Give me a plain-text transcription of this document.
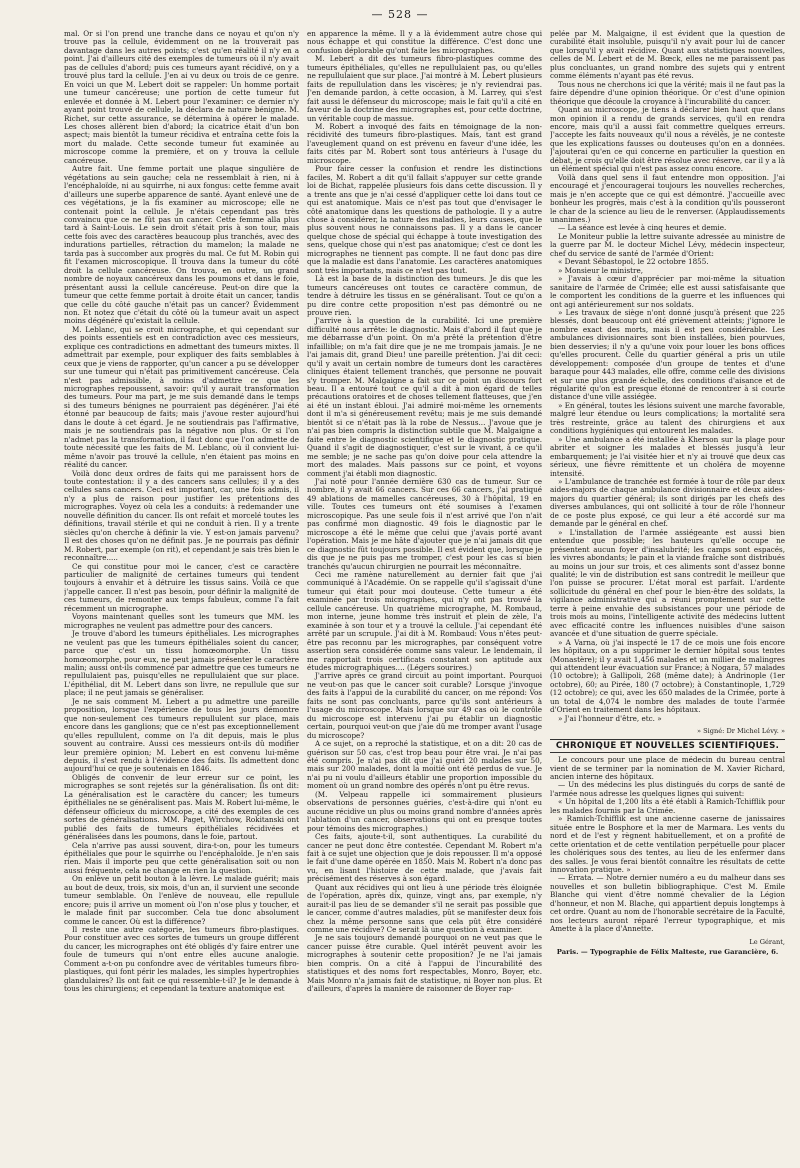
— 528 —

mal. Or si l'on prend une tranche dans ce noyau et qu'on n'y trouve pas la cellule, évidemment on ne la trouverait pas davantage dans les autres points; c'est qu'en réalité il n'y en a point. J'ai d'ailleurs cité des exemples de tumeurs où il n'y avait pas de cellules d'abord; puis ces tumeurs ayant récidivé, on y a trouvé plus tard la cellule. J'en ai vu deux ou trois de ce genre. En voici un que M. Lebert doit se rappeler: Un homme portait une tumeur cancéreuse; une portion de cette tumeur fut enlevée et donnée à M. Lebert pour l'examiner: ce dernier n'y ayant point trouvé de cellule, la déclara de nature bénigne. M. Richet, sur cette assurance, se détermina à opérer le malade. Les choses allèrent bien d'abord; la cicatrice était d'un bon aspect; mais bientôt la tumeur récidiva et entraîna cette fois la mort du malade. Cette seconde tumeur fut examinée au microscope comme la première, et on y trouva la cellule cancéreuse.

Autre fait. Une femme portait une plaque singulière de végétations au sein gauche; cela ne ressemblait à rien, ni à l'encéphaloïde, ni au squirrhe, ni aux fongus: cette femme avait d'ailleurs une superbe apparence de santé. Ayant enlevé une de ces végétations, je la fis examiner au microscope; elle ne contenait point la cellule. Je n'étais cependant pas très convaincu que ce ne fût pas un cancer. Cette femme alla plus tard à Saint-Louis. Le sein droit s'était pris à son tour, mais cette fois avec des caractères beaucoup plus tranchés, avec des indurations partielles, rétraction du mamelon; la malade ne tarda pas à succomber aux progrès du mal. Ce fut M. Robin qui fit l'examen microscopique. Il trouva dans la tumeur du côté droit la cellule cancéreuse. On trouva, en outre, un grand nombre de noyaux cancéreux dans les poumons et dans le foie, présentant aussi la cellule cancéreuse. Peut-on dire que la tumeur que cette femme portait à droite était un cancer, tandis que celle du côté gauche n'était pas un cancer? Évidemment non. Et notez que c'était du côté où la tumeur avait un aspect moins dégénéré qu'existait la cellule.

M. Leblanc, qui se croit micrographe, et qui cependant sur des points essentiels est en contradiction avec ces messieurs, explique ces contradictions en admettant des tumeurs mixtes. Il admettrait par exemple, pour expliquer des faits semblables à ceux que je viens de rapporter, qu'un cancer a pu se développer sur une tumeur qui n'était pas primitivement cancéreuse. Cela n'est pas admissible, à moins d'admettre ce que les micrographes repoussent, savoir: qu'il y aurait transformation des tumeurs. Pour ma part, je me suis demandé dans le temps si des tumeurs bénignes ne pourraient pas dégénérer. J'ai été étonné par beaucoup de faits; mais j'avoue rester aujourd'hui dans le doute à cet égard. Je ne soutiendrais pas l'affirmative, mais je ne soutiendrais pas la négative non plus. Or si l'on n'admet pas la transformation, il faut donc que l'on admette de toute nécessité que les faits de M. Leblanc, où il convient lui-même n'avoir pas trouvé la cellule, n'en étaient pas moins en réalité du cancer.

Voilà donc deux ordres de faits qui me paraissent hors de toute contestation: il y a des cancers sans cellules; il y a des cellules sans cancers. Ceci est important, car, une fois admis, il n'y a plus de raison pour justifier les prétentions des micrographes. Voyez où cela les a conduits: à redemander une nouvelle définition du cancer. Ils ont refait et morcelé toutes les définitions, travail stérile et qui ne conduit à rien. Il y a trente siècles qu'on cherche à définir la vie. Y est-on jamais parvenu? Il est des choses qu'on ne définit pas. Je ne pourrais pas définir M. Robert, par exemple (on rit), et cependant je sais très bien le reconnaître.....

Ce qui constitue pour moi le cancer, c'est ce caractère particulier de malignité de certaines tumeurs qui tendent toujours à envahir et à détruire les tissus sains. Voilà ce que j'appelle cancer. Il n'est pas besoin, pour définir la malignité de ces tumeurs, de remonter aux temps fabuleux, comme l'a fait récemment un micrographe.

Voyons maintenant quelles sont les tumeurs que MM. les micrographes ne veulent pas admettre pour des cancers.

Je trouve d'abord les tumeurs épithéliales. Les micrographes ne veulent pas que les tumeurs épithéliales soient du cancer, parce que c'est un tissu homœomorphe. Un tissu homœomorphe, pour eux, ne peut jamais présenter le caractère malin; aussi ont-ils commencé par admettre que ces tumeurs ne repullulaient pas, puisqu'elles ne repullulaient que sur place. L'épithélial, dit M. Lebert dans son livre, ne repullule que sur place; il ne peut jamais se généraliser.

Je ne sais comment M. Lebert a pu admettre une pareille proposition, lorsque l'expérience de tous les jours démontre que non-seulement ces tumeurs repullulent sur place, mais encore dans les ganglions; que ce n'est pas exceptionnellement qu'elles repullulent, comme on l'a dit depuis, mais le plus souvent au contraire. Aussi ces messieurs ont-ils dû modifier leur première opinion; M. Lebert en est convenu lui-même depuis, il s'est rendu à l'évidence des faits. Ils admettent donc aujourd'hui ce que je soutenais en 1846.

Obligés de convenir de leur erreur sur ce point, les micrographes se sont rejetés sur la généralisation. Ils ont dit: La généralisation est le caractère du cancer; les tumeurs épithéliales ne se généralisent pas. Mais M. Robert lui-même, le défenseur officieux du microscope, a cité des exemples de ces sortes de généralisations. MM. Paget, Wirchow, Rokitanski ont publié des faits de tumeurs épithéliales récidivées et généralisées dans les poumons, dans le foie, partout.

Cela n'arrive pas aussi souvent, dira-t-on, pour les tumeurs épithéliales que pour le squirrhe ou l'encéphaloïde. Je n'en sais rien. Mais il importe peu que cette généralisation soit ou non aussi fréquente, cela ne change en rien la question.

On enlève un petit bouton à la lèvre. Le malade guérit; mais au bout de deux, trois, six mois, d'un an, il survient une seconde tumeur semblable. On l'enlève de nouveau, elle repullule encore; puis il arrive un moment où l'on n'ose plus y toucher, et le malade finit par succomber. Cela tue donc absolument comme le cancer. Où est la différence?

Il reste une autre catégorie, les tumeurs fibro-plastiques. Pour constituer avec ces sortes de tumeurs un groupe différent du cancer, les micrographes ont été obligés d'y faire entrer une foule de tumeurs qui n'ont entre elles aucune analogie. Comment a-t-on pu confondre avec de véritables tumeurs fibro-plastiques, qui font périr les malades, les simples hypertrophies glandulaires? Ils ont fait ce qui ressemble-t-il? Je le demande à tous les chirurgiens; et cependant la texture anatomique est

en apparence la même. Il y a là évidemment autre chose qui nous échappe et qui constitue la différence. C'est donc une confusion déplorable qu'ont faite les micrographes.

M. Lebert a dit des tumeurs fibro-plastiques comme des tumeurs épithéliales, qu'elles ne repullulaient pas, ou qu'elles ne repullulaient que sur place. J'ai montré à M. Lebert plusieurs faits de repullulation dans les viscères; je n'y reviendrai pas. J'en demande pardon, à cette occasion, à M. Larrey, qui s'est fait aussi le défenseur du microscope; mais le fait qu'il a cité en faveur de la doctrine des micrographes est, pour cette doctrine, un véritable coup de massue.

M. Robert a invoqué des faits en témoignage de la non-récidivité des tumeurs fibro-plastiques. Mais, tant est grand l'aveuglement quand on est prévenu en faveur d'une idée, les faits cités par M. Robert sont tous antérieurs à l'usage du microscope.

Pour faire cesser la confusion et rendre les distinctions faciles, M. Robert a dit qu'il fallait s'appuyer sur cette grande loi de Bichat, rappelée plusieurs fois dans cette discussion. Il y a trente ans que je n'ai cessé d'appliquer cette loi dans tout ce qui est anatomique. Mais ce n'est pas tout que d'envisager le côté anatomique dans les questions de pathologie. Il y a autre chose à considérer, la nature des maladies, leurs causes, que le plus souvent nous ne connaissons pas. Il y a dans le cancer quelque chose de spécial qui échappe à toute investigation des sens, quelque chose qui n'est pas anatomique; c'est ce dont les micrographes ne tiennent pas compte. Il ne faut donc pas dire que la maladie est dans l'anatomie. Les caractères anatomiques sont très importants, mais ce n'est pas tout.

Là est la base de la distinction des tumeurs. Je dis que les tumeurs cancéreuses ont toutes ce caractère commun, de tendre à détruire les tissus en se généralisant. Tout ce qu'on a pu dire contre cette proposition n'est pas démontré ou ne prouve rien.

J'arrive à la question de la curabilité. Ici une première difficulté nous arrête: le diagnostic. Mais d'abord il faut que je me débarrasse d'un point. On m'a prêté la prétention d'être infaillible; on m'a fait dire que je ne me trompais jamais. Je ne l'ai jamais dit, grand Dieu! une pareille prétention. J'ai dit ceci: qu'il y avait un certain nombre de tumeurs dont les caractères cliniques étaient tellement tranchés, que personne ne pouvait s'y tromper. M. Malgaigne a fait sur ce point un discours fort beau. Il a entouré tout ce qu'il a dit à mon égard de telles précautions oratoires et de choses tellement flatteuses, que j'en ai été un instant ébloui. J'ai admiré moi-même les ornements dont il m'a si généreusement revêtu; mais je me suis demandé bientôt si ce n'était pas là la robe de Nessus... J'avoue que je n'ai pas bien compris la distinction subtile que M. Malgaigne a faite entre le diagnostic scientifique et le diagnostic pratique. Quand il s'agit de diagnostiquer, c'est sur le vivant, à ce qu'il me semble; je ne sache pas qu'on doive pour cela attendre la mort des malades. Mais passons sur ce point, et voyons comment j'ai établi mon diagnostic.

J'ai noté pour l'année dernière 630 cas de tumeur. Sur ce nombre, il y avait 66 cancers. Sur ces 66 cancers, j'ai pratiqué 49 ablations de mamelles cancéreuses, 30 à l'hôpital, 19 en ville. Toutes ces tumeurs ont été soumises à l'examen microscopique. Pas une seule fois il n'est arrivé que l'on n'ait pas confirmé mon diagnostic. 49 fois le diagnostic par le microscope a été le même que celui que j'avais porté avant l'opération. Mais je me hâte d'ajouter que je n'ai jamais dit que ce diagnostic fût toujours possible. Il est évident que, lorsque je dis que je ne puis pas me tromper, c'est pour les cas si bien tranchés qu'aucun chirurgien ne pourrait les méconnaître.

Ceci me ramène naturellement au dernier fait que j'ai communiqué à l'Académie. On se rappelle qu'il s'agissait d'une tumeur qui était pour moi douteuse. Cette tumeur a été examinée par trois micrographes, qui n'y ont pas trouvé la cellule cancéreuse. Un quatrième micrographe, M. Rombaud, mon interne, jeune homme très instruit et plein de zèle, l'a examinée à son tour et y a trouvé la cellule. J'ai cependant été arrêté par un scrupule. J'ai dit à M. Rombaud: Vous n'êtes peut-être pas reconnu par les micrographes, par conséquent votre assertion sera considérée comme sans valeur. Le lendemain, il me rapportait trois certificats constatant son aptitude aux études micrographiques.... (Légers sourires.)

J'arrive après ce grand circuit au point important. Pourquoi ne veut-on pas que le cancer soit curable? Lorsque j'invoque des faits à l'appui de la curabilité du cancer, on me répond: Vos faits ne sont pas concluants, parce qu'ils sont antérieurs à l'usage du microscope. Mais lorsque sur 49 cas où le contrôle du microscope est intervenu j'ai pu établir un diagnostic certain, pourquoi veut-on que j'aie dû me tromper avant l'usage du microscope?

A ce sujet, on a reproché la statistique, et on a dit: 20 cas de guérison sur 50 cas, c'est trop beau pour être vrai. Je n'ai pas été compris. Je n'ai pas dit que j'ai guéri 20 malades sur 50, mais sur 200 malades, dont la moitié ont été perdus de vue. Je n'ai pu ni voulu d'ailleurs établir une proportion impossible du moment où un grand nombre des opérés n'ont pu être revus.

(M. Velpeau rappelle ici sommairement plusieurs observations de personnes guéries, c'est-à-dire qui n'ont eu aucune récidive un plus ou moins grand nombre d'années après l'ablation d'un cancer, observations qui ont eu presque toutes pour témoins des micrographes.)

Ces faits, ajoute-t-il, sont authentiques. La curabilité du cancer ne peut donc être contestée. Cependant M. Robert m'a fait à ce sujet une objection que je dois repousser. Il m'a opposé le fait d'une dame opérée en 1850. Mais M. Robert n'a donc pas vu, en lisant l'histoire de cette malade, que j'avais fait précisément des réserves à son égard.

Quant aux récidives qui ont lieu à une période très éloignée de l'opération, après dix, quinze, vingt ans, par exemple, n'y aurait-il pas lieu de se demander s'il ne serait pas possible que le cancer, comme d'autres maladies, pût se manifester deux fois chez la même personne sans que cela pût être considéré comme une récidive? Ce serait là une question à examiner.

Je ne sais toujours demandé pourquoi on ne veut pas que le cancer puisse être curable. Quel intérêt peuvent avoir les micrographes à soutenir cette proposition? Je ne l'ai jamais bien compris. On a cité à l'appui de l'incurabilité des statistiques et des noms fort respectables, Monro, Boyer, etc. Mais Monro n'a jamais fait de statistique, ni Boyer non plus. Et d'ailleurs, d'après la manière de raisonner de Boyer rap-

pelée par M. Malgaigne, il est évident que la question de curabilité était insoluble, puisqu'il n'y avait pour lui de cancer que lorsqu'il y avait récidive. Quant aux statistiques nouvelles, celles de M. Lebert et de M. Bœck, elles ne me paraissent pas plus concluantes, un grand nombre des sujets qui y entrent comme éléments n'ayant pas été revus.

Tous nous ne cherchons ici que la vérité; mais il ne faut pas la faire dépendre d'une opinion théorique. Or c'est d'une opinion théorique que découle la croyance à l'incurabilité du cancer.

Quant au microscope, je tiens à déclarer bien haut que dans mon opinion il a rendu de grands services, qu'il en rendra encore, mais qu'il a aussi fait commettre quelques erreurs. J'accepte les faits nouveaux qu'il nous a révélés, je ne conteste que les explications fausses ou douteuses qu'on en a données. J'ajouterai qu'en ce qui concerne en particulier la question en débat, je crois qu'elle doit être résolue avec réserve, car il y a là un élément spécial qui n'est pas assez connu encore.

Voilà dans quel sens il faut entendre mon opposition. J'ai encouragé et j'encouragerai toujours les nouvelles recherches, mais je n'en accepte que ce qui est démontré. J'accueille avec bonheur les progrès, mais c'est à la condition qu'ils pousseront le char de la science au lieu de le renverser. (Applaudissements unanimes.)

— La séance est levée à cinq heures et demie.

Le Moniteur publie la lettre suivante adressée au ministre de la guerre par M. le docteur Michel Lévy, médecin inspecteur, chef du service de santé de l'armée d'Orient:

« Devant Sébastopol, le 22 octobre 1855.

» Monsieur le ministre,

» J'avais à cœur d'apprécier par moi-même la situation sanitaire de l'armée de Crimée; elle est aussi satisfaisante que le comportent les conditions de la guerre et les influences qui ont agi antérieurement sur nos soldats.

» Les travaux de siège n'ont donné jusqu'à présent que 225 blessés, dont beaucoup ont été grièvement atteints; j'ignore le nombre exact des morts, mais il est peu considérable. Les ambulances divisionnaires sont bien installées, bien pourvues, bien desservies; il n'y a qu'une voix pour louer les bons offices qu'elles procurent. Celle du quartier général a pris un utile développement: composée d'un groupe de tentes et d'une baraque pour 443 malades, elle offre, comme celle des divisions et sur une plus grande échelle, des conditions d'aisance et de régularité qu'on est presque étonné de rencontrer à si courte distance d'une ville assiégée.

» En général, toutes les lésions suivent une marche favorable, malgré leur étendue ou leurs complications; la mortalité sera très restreinte, grâce au talent des chirurgiens et aux conditions hygiéniques qui entourent les malades.

» Une ambulance a été installée à Kherson sur la plage pour abriter et soigner les malades et blessés jusqu'à leur embarquement; je l'ai visitée hier et n'y ai trouvé que deux cas sérieux, une fièvre rémittente et un choléra de moyenne intensité.

» L'ambulance de tranchée est formée à tour de rôle par deux aides-majors de chaque ambulance divisionnaire et deux aides-majors du quartier général; ils sont dirigés par les chefs des diverses ambulances, qui ont sollicité à tour de rôle l'honneur de ce poste plus exposé, ce qui leur a été accordé sur ma demande par le général en chef.

» L'installation de l'armée assiégeante est aussi bien entendue que possible; les hauteurs qu'elle occupe ne présentent aucun foyer d'insalubrité; les camps sont espacés, les vivres abondants; le pain et la viande fraîche sont distribués au moins un jour sur trois, et ces aliments sont d'assez bonne qualité; le vin de distribution est sans contredit le meilleur que l'on puisse se procurer. L'état moral est parfait. L'ardente sollicitude du général en chef pour le bien-être des soldats, la vigilance administrative qui a réuni promptement sur cette terre à peine envahie des subsistances pour une période de trois mois au moins, l'intelligente activité des médecins luttent avec efficacité contre les influences nuisibles d'une saison avancée et d'une situation de guerre spéciale.

» A Varna, où j'ai inspecté le 17 de ce mois une fois encore les hôpitaux, on a pu supprimer le dernier hôpital sous tentes (Monastère); il y avait 1,456 malades et un millier de malingres qui attendent leur évacuation sur France; à Nogara, 57 malades (10 octobre); à Gallipoli, 268 (même date); à Andrinople (1er octobre), 60; au Pirée, 180 (7 octobre); à Constantinople, 1,729 (12 octobre); ce qui, avec les 650 malades de la Crimée, porte à un total de 4,074 le nombre des malades de toute l'armée d'Orient en traitement dans les hôpitaux.

» J'ai l'honneur d'être, etc. »

» Signé: Dr Michel Lévy. »
CHRONIQUE ET NOUVELLES SCIENTIFIQUES.

Le concours pour une place de médecin du bureau central vient de se terminer par la nomination de M. Xavier Richard, ancien interne des hôpitaux.

— Un des médecins les plus distingués du corps de santé de l'armée nous adresse les quelques lignes qui suivent:

« Un hôpital de 1,200 lits a été établi à Ramich-Tchifflik pour les malades fournis par la Crimée.

» Ramich-Tchifflik est une ancienne caserne de janissaires située entre le Bosphore et la mer de Marmara. Les vents du nord et de l'est y règnent habituellement, et on a profité de cette orientation et de cette ventilation perpétuelle pour placer les cholériques sous des tentes, au lieu de les enfermer dans des salles. Je vous ferai bientôt connaître les résultats de cette innovation pratique. »

— Errata. — Notre dernier numéro a eu du malheur dans ses nouvelles et son bulletin bibliographique. C'est M. Emile Blanche qui vient d'être nommé chevalier de la Légion d'honneur, et non M. Blache, qui appartient depuis longtemps à cet ordre. Quant au nom de l'honorable secrétaire de la Faculté, nos lecteurs auront réparé l'erreur typographique, et mis Amette à la place d'Annette.

Le Gérant,
Paris. — Typographie de Félix Malteste, rue Garancière, 6.
